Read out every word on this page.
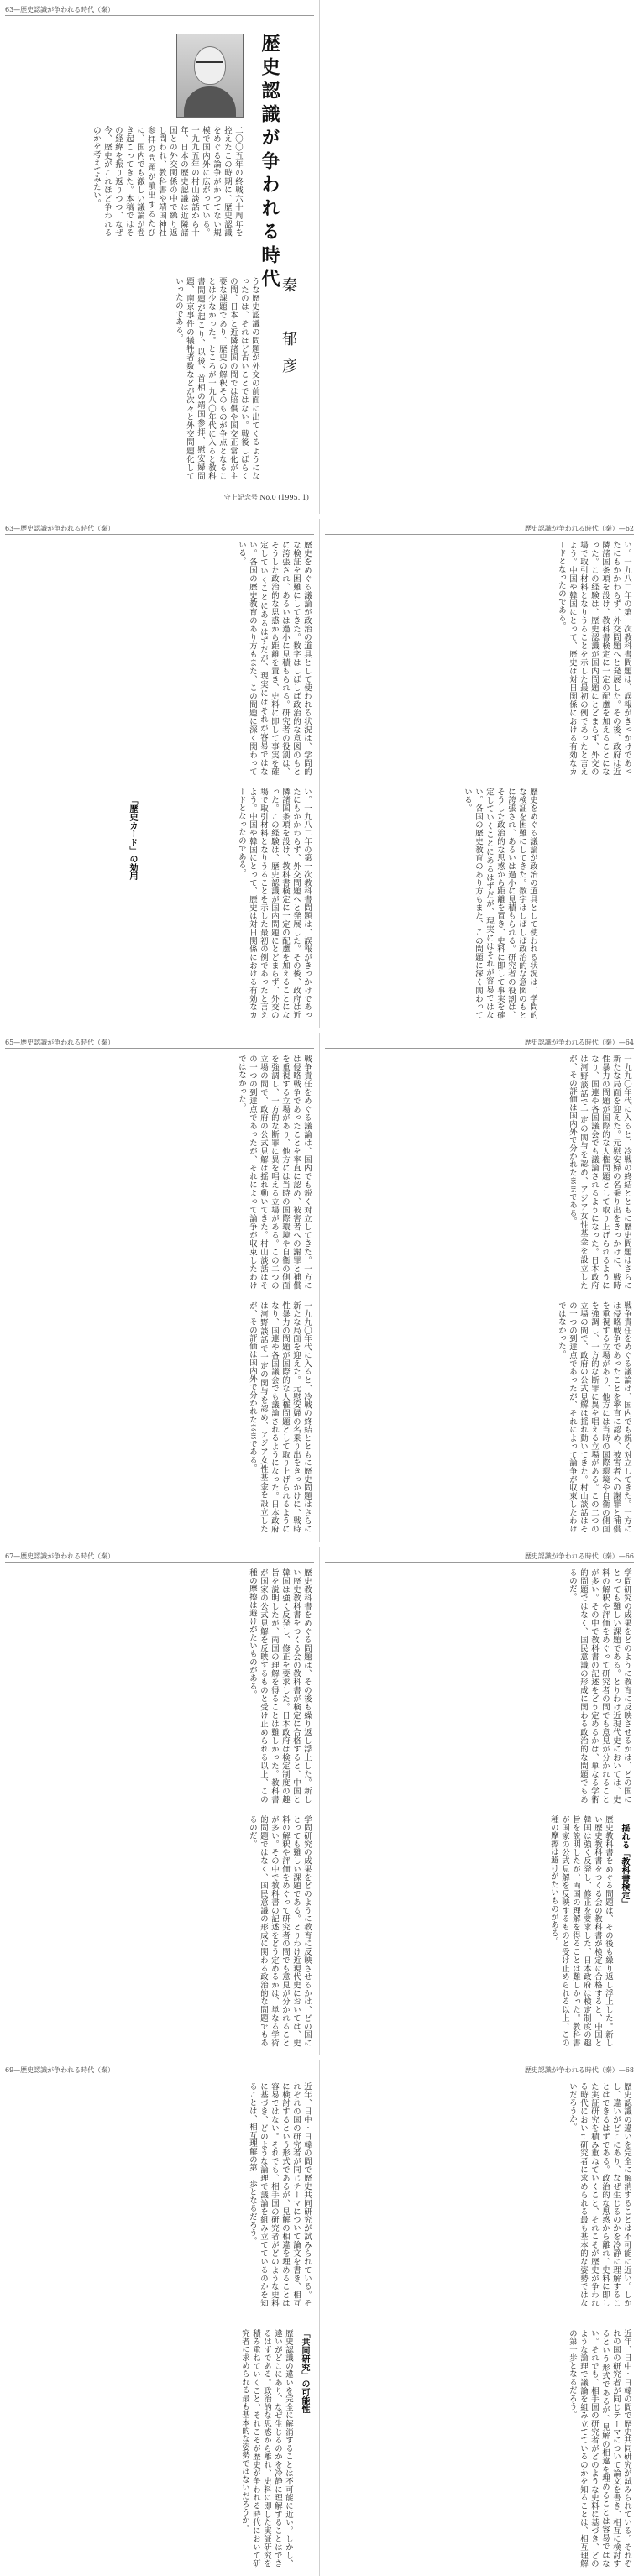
63—歴史認識が争われる時代（秦）
歴史認識が争われる時代
秦　郁彦

二〇〇五年の終戦六十周年を控えたこの時期に、歴史認識をめぐる論争がかつてない規模で国内外に広がっている。一九九五年の村山談話から十年、日本の歴史認識は近隣諸国との外交関係の中で繰り返し問われ、教科書や靖国神社参拝の問題が噴出するたびに、国内でも激しい議論が巻き起こってきた。本稿ではその経緯を振り返りつつ、なぜ今、歴史がこれほど争われるのかを考えてみたい。

うな歴史認識の問題が外交の前面に出てくるようになったのは、それほど古いことではない。戦後しばらくの間、日本と近隣諸国の間では賠償や国交正常化が主要な課題であり、歴史の解釈そのものが争点となることは少なかった。ところが一九八〇年代に入ると教科書問題が起こり、以後、首相の靖国参拝、慰安婦問題、南京事件の犠牲者数などが次々と外交問題化していったのである。

守上記念号 No.0 (1995. 1)
63—歴史認識が争われる時代（秦）

歴史をめぐる議論が政治の道具として使われる状況は、学問的な検証を困難にしてきた。数字はしばしば政治的な意図のもとに誇張され、あるいは過小に見積もられる。研究者の役割は、そうした政治的な思惑から距離を置き、史料に即して事実を確定していくことにあるはずだが、現実にはそれが容易ではない。各国の歴史教育のあり方もまた、この問題に深く関わっている。

「歴史カード」の効用	い。一九八二年の第一次教科書問題は、誤報がきっかけであったにもかかわらず、外交問題へと発展した。その後、政府は近隣諸国条項を設け、教科書検定に一定の配慮を加えることになった。この経験は、歴史認識が国内問題にとどまらず、外交の場で取引材料となりうることを示した最初の例であったと言えよう。中国や韓国にとって、歴史は対日関係における有効なカードとなったのである。

歴史認識が争われる時代（秦）—62

い。一九八二年の第一次教科書問題は、誤報がきっかけであったにもかかわらず、外交問題へと発展した。その後、政府は近隣諸国条項を設け、教科書検定に一定の配慮を加えることになった。この経験は、歴史認識が国内問題にとどまらず、外交の場で取引材料となりうることを示した最初の例であったと言えよう。中国や韓国にとって、歴史は対日関係における有効なカードとなったのである。

歴史をめぐる議論が政治の道具として使われる状況は、学問的な検証を困難にしてきた。数字はしばしば政治的な意図のもとに誇張され、あるいは過小に見積もられる。研究者の役割は、そうした政治的な思惑から距離を置き、史料に即して事実を確定していくことにあるはずだが、現実にはそれが容易ではない。各国の歴史教育のあり方もまた、この問題に深く関わっている。

65—歴史認識が争われる時代（秦）

戦争責任をめぐる議論は、国内でも鋭く対立してきた。一方には侵略戦争であったことを率直に認め、被害者への謝罪と補償を重視する立場があり、他方には当時の国際環境や自衛の側面を強調し、一方的な断罪に異を唱える立場がある。この二つの立場の間で、政府の公式見解は揺れ動いてきた。村山談話はその一つの到達点であったが、それによって論争が収束したわけではなかった。

一九九〇年代に入ると、冷戦の終結とともに歴史問題はさらに新たな局面を迎えた。元慰安婦の名乗り出をきっかけに、戦時性暴力の問題が国際的な人権問題として取り上げられるようになり、国連や各国議会でも議論されるようになった。日本政府は河野談話で一定の関与を認め、アジア女性基金を設立したが、その評価は国内外で分かれたままである。

歴史認識が争われる時代（秦）—64

一九九〇年代に入ると、冷戦の終結とともに歴史問題はさらに新たな局面を迎えた。元慰安婦の名乗り出をきっかけに、戦時性暴力の問題が国際的な人権問題として取り上げられるようになり、国連や各国議会でも議論されるようになった。日本政府は河野談話で一定の関与を認め、アジア女性基金を設立したが、その評価は国内外で分かれたままである。

戦争責任をめぐる議論は、国内でも鋭く対立してきた。一方には侵略戦争であったことを率直に認め、被害者への謝罪と補償を重視する立場があり、他方には当時の国際環境や自衛の側面を強調し、一方的な断罪に異を唱える立場がある。この二つの立場の間で、政府の公式見解は揺れ動いてきた。村山談話はその一つの到達点であったが、それによって論争が収束したわけではなかった。

67—歴史認識が争われる時代（秦）

歴史教科書をめぐる問題は、その後も繰り返し浮上した。新しい歴史教科書をつくる会の教科書が検定に合格すると、中国と韓国は強く反発し、修正を要求した。日本政府は検定制度の趣旨を説明したが、両国の理解を得ることは難しかった。教科書が国家の公式見解を反映するものと受け止められる以上、この種の摩擦は避けがたいものがある。

学問研究の成果をどのように教育に反映させるかは、どの国にとっても難しい課題である。とりわけ近現代史においては、史料の解釈や評価をめぐって研究者の間でも意見が分かれることが多い。その中で教科書の記述をどう定めるかは、単なる学術的問題ではなく、国民意識の形成に関わる政治的な問題でもあるのだ。

歴史認識が争われる時代（秦）—66

学問研究の成果をどのように教育に反映させるかは、どの国にとっても難しい課題である。とりわけ近現代史においては、史料の解釈や評価をめぐって研究者の間でも意見が分かれることが多い。その中で教科書の記述をどう定めるかは、単なる学術的問題ではなく、国民意識の形成に関わる政治的な問題でもあるのだ。

揺れる「教科書検定」

歴史教科書をめぐる問題は、その後も繰り返し浮上した。新しい歴史教科書をつくる会の教科書が検定に合格すると、中国と韓国は強く反発し、修正を要求した。日本政府は検定制度の趣旨を説明したが、両国の理解を得ることは難しかった。教科書が国家の公式見解を反映するものと受け止められる以上、この種の摩擦は避けがたいものがある。

69—歴史認識が争われる時代（秦）

近年、日中・日韓の間で歴史共同研究が試みられている。それぞれの国の研究者が同じテーマについて論文を書き、相互に検討するという形式であるが、見解の相違を埋めることは容易ではない。それでも、相手国の研究者がどのような史料に基づき、どのような論理で議論を組み立てているのかを知ることは、相互理解の第一歩となるだろう。

「共同研究」の可能性

歴史認識の違いを完全に解消することは不可能に近い。しかし、違いがどこにあり、なぜ生じるのかを冷静に理解することはできるはずである。政治的な思惑から離れ、史料に即した実証研究を積み重ねていくこと、それこそが歴史が争われる時代において研究者に求められる最も基本的な姿勢ではないだろうか。

歴史認識が争われる時代（秦）—68

歴史認識の違いを完全に解消することは不可能に近い。しかし、違いがどこにあり、なぜ生じるのかを冷静に理解することはできるはずである。政治的な思惑から離れ、史料に即した実証研究を積み重ねていくこと、それこそが歴史が争われる時代において研究者に求められる最も基本的な姿勢ではないだろうか。

近年、日中・日韓の間で歴史共同研究が試みられている。それぞれの国の研究者が同じテーマについて論文を書き、相互に検討するという形式であるが、見解の相違を埋めることは容易ではない。それでも、相手国の研究者がどのような史料に基づき、どのような論理で議論を組み立てているのかを知ることは、相互理解の第一歩となるだろう。
